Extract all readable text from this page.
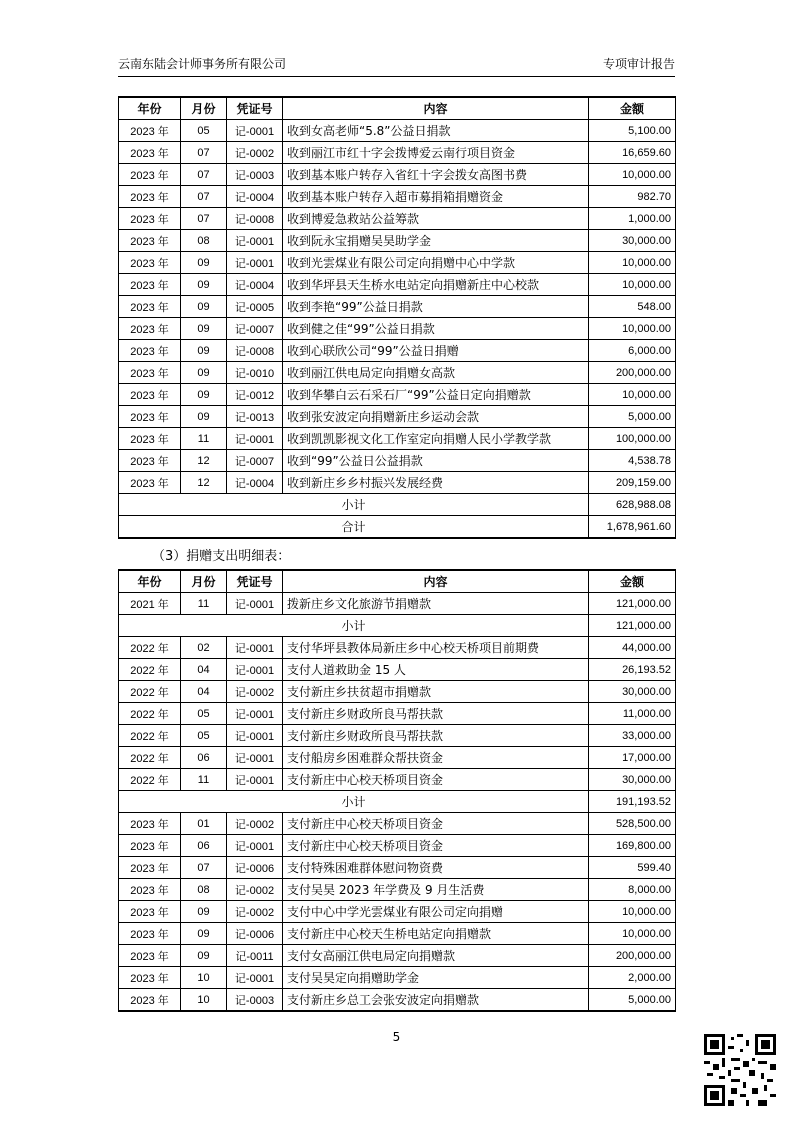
云南东陆会计师事务所有限公司	专项审计报告
年份	月份	凭证号	内容	金额
2023 年	05	记-0001	收到女高老师“5.8”公益日捐款	5,100.00
2023 年	07	记-0002	收到丽江市红十字会拨博爱云南行项目资金	16,659.60
2023 年	07	记-0003	收到基本账户转存入省红十字会拨女高图书费	10,000.00
2023 年	07	记-0004	收到基本账户转存入超市募捐箱捐赠资金	982.70
2023 年	07	记-0008	收到博爱急救站公益筹款	1,000.00
2023 年	08	记-0001	收到阮永宝捐赠吴昊助学金	30,000.00
2023 年	09	记-0001	收到光雲煤业有限公司定向捐赠中心中学款	10,000.00
2023 年	09	记-0004	收到华坪县天生桥水电站定向捐赠新庄中心校款	10,000.00
2023 年	09	记-0005	收到李艳“99”公益日捐款	548.00
2023 年	09	记-0007	收到健之佳“99”公益日捐款	10,000.00
2023 年	09	记-0008	收到心联欣公司“99”公益日捐赠	6,000.00
2023 年	09	记-0010	收到丽江供电局定向捐赠女高款	200,000.00
2023 年	09	记-0012	收到华攀白云石采石厂“99”公益日定向捐赠款	10,000.00
2023 年	09	记-0013	收到张安波定向捐赠新庄乡运动会款	5,000.00
2023 年	11	记-0001	收到凯凯影视文化工作室定向捐赠人民小学教学款	100,000.00
2023 年	12	记-0007	收到“99”公益日公益捐款	4,538.78
2023 年	12	记-0004	收到新庄乡乡村振兴发展经费	209,159.00
小计				628,988.08
合计				1,678,961.60
（3）捐赠支出明细表：
年份	月份	凭证号	内容	金额
2021 年	11	记-0001	拨新庄乡文化旅游节捐赠款	121,000.00
小计				121,000.00
2022 年	02	记-0001	支付华坪县教体局新庄乡中心校天桥项目前期费	44,000.00
2022 年	04	记-0001	支付人道救助金 15 人	26,193.52
2022 年	04	记-0002	支付新庄乡扶贫超市捐赠款	30,000.00
2022 年	05	记-0001	支付新庄乡财政所良马帮扶款	11,000.00
2022 年	05	记-0001	支付新庄乡财政所良马帮扶款	33,000.00
2022 年	06	记-0001	支付船房乡困难群众帮扶资金	17,000.00
2022 年	11	记-0001	支付新庄中心校天桥项目资金	30,000.00
小计				191,193.52
2023 年	01	记-0002	支付新庄中心校天桥项目资金	528,500.00
2023 年	06	记-0001	支付新庄中心校天桥项目资金	169,800.00
2023 年	07	记-0006	支付特殊困难群体慰问物资费	599.40
2023 年	08	记-0002	支付吴昊 2023 年学费及 9 月生活费	8,000.00
2023 年	09	记-0002	支付中心中学光雲煤业有限公司定向捐赠	10,000.00
2023 年	09	记-0006	支付新庄中心校天生桥电站定向捐赠款	10,000.00
2023 年	09	记-0011	支付女高丽江供电局定向捐赠款	200,000.00
2023 年	10	记-0001	支付吴昊定向捐赠助学金	2,000.00
2023 年	10	记-0003	支付新庄乡总工会张安波定向捐赠款	5,000.00
5
